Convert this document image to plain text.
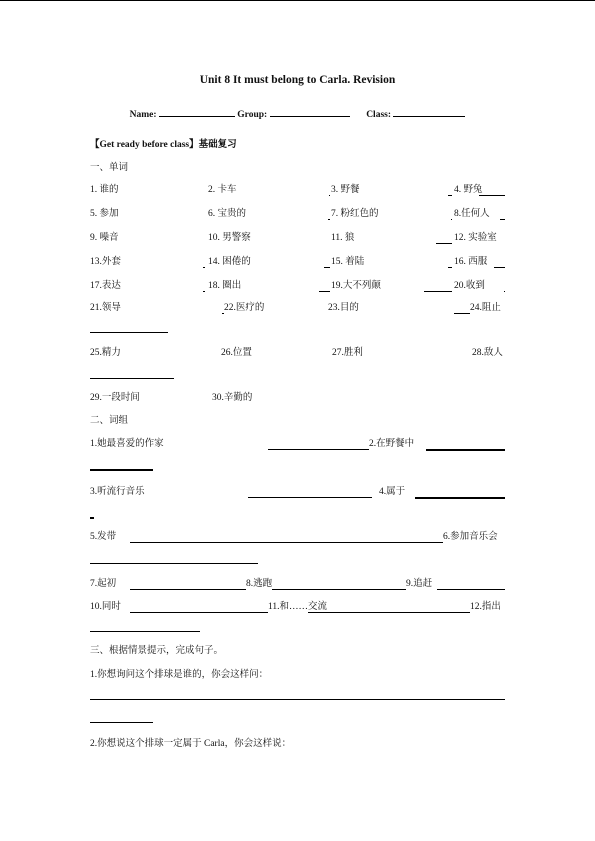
Unit 8 It must belong to Carla. Revision
Name:	Group:	Class:
【Get ready before class】基础复习
一、单词
1. 谁的	2. 卡车	3. 野餐	4. 野兔
5. 参加	6. 宝贵的	7. 粉红色的	8.任何人
9. 噪音	10. 男警察	11. 狼	12. 实验室
13.外套	14. 困倦的	15. 着陆	16. 西服
17.表达	18. 圈出	19.大不列颠	20.收到
21.领导	22.医疗的	23.目的	24.阻止
25.精力	26.位置	27.胜利	28.敌人
29.一段时间	30.辛勤的
二、词组
1.她最喜爱的作家	2.在野餐中
3.听流行音乐	4.属于
5.发带	6.参加音乐会
7.起初	8.逃跑	9.追赶
10.同时	11.和……交流	12.指出
三、根据情景提示，完成句子。
1.你想询问这个排球是谁的，你会这样问：
2.你想说这个排球一定属于 Carla，你会这样说：
